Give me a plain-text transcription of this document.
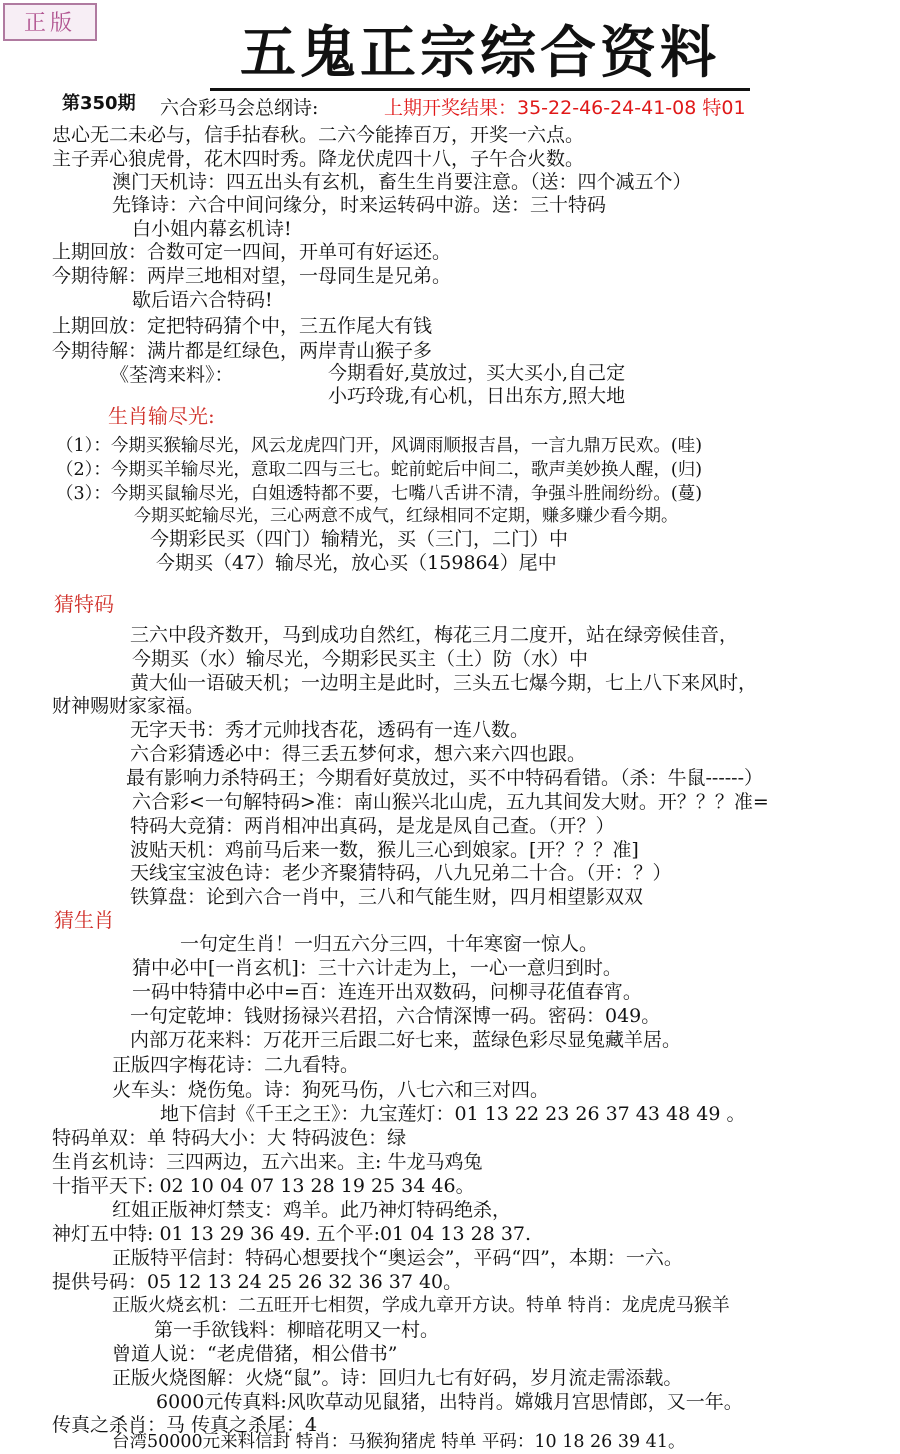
正版	五鬼正宗综合资料
第350期 六合彩马会总纲诗:	上期开奖结果：35-22-46-24-41-08 特01
忠心无二未必与，信手拈春秋。二六今能捧百万，开奖一六点。
主子弄心狼虎骨，花木四时秀。降龙伏虎四十八，子午合火数。
澳门天机诗：四五出头有玄机，畜生生肖要注意。（送：四个减五个）
先锋诗：六合中间问缘分，时来运转码中游。送：三十特码
白小姐内幕玄机诗!
上期回放：合数可定一四间，开单可有好运还。
今期待解：两岸三地相对望，一母同生是兄弟。
歇后语六合特码!
上期回放：定把特码猜个中，三五作尾大有钱
今期待解：满片都是红绿色，两岸青山猴子多
《荃湾来料》：	今期看好,莫放过，买大买小,自己定
小巧玲珑,有心机，日出东方,照大地
生肖输尽光:
（1）：今期买猴输尽光，风云龙虎四门开，风调雨顺报吉昌，一言九鼎万民欢。(哇)
（2）：今期买羊输尽光，意取二四与三七。蛇前蛇后中间二，歌声美妙换人醒，(归)
（3）：今期买鼠输尽光，白姐透特都不要，七嘴八舌讲不清，争强斗胜闹纷纷。(蔓)
今期买蛇输尽光，三心两意不成气，红绿相同不定期，赚多赚少看今期。
今期彩民买（四门）输精光，买（三门，二门）中
今期买（47）输尽光，放心买（159864）尾中
猜特码
三六中段齐数开，马到成功自然红，梅花三月二度开，站在绿旁候佳音，
今期买（水）输尽光，今期彩民买主（土）防（水）中
黄大仙一语破天机；一边明主是此时，三头五七爆今期，七上八下来风时，
财神赐财家家福。
无字天书：秀才元帅找杏花，透码有一连八数。
六合彩猜透必中：得三丢五梦何求，想六来六四也跟。
最有影响力杀特码王；今期看好莫放过，买不中特码看错。（杀：牛鼠------）
六合彩<一句解特码>准：南山猴兴北山虎，五九其间发大财。开？？？准=
特码大竞猜：两肖相冲出真码，是龙是凤自己查。（开？）
波贴天机：鸡前马后来一数，猴儿三心到娘家。[开？？？准]
天线宝宝波色诗：老少齐聚猜特码，八九兄弟二十合。（开：？）
铁算盘：论到六合一肖中，三八和气能生财，四月相望影双双
猜生肖
一句定生肖！一归五六分三四，十年寒窗一惊人。
猜中必中[一肖玄机]：三十六计走为上，一心一意归到时。
一码中特猜中必中=百：连连开出双数码，问柳寻花值春宵。
一句定乾坤：钱财扬禄兴君招，六合情深博一码。密码：049。
内部万花来料：万花开三后跟二好七来，蓝绿色彩尽显兔藏羊居。
正版四字梅花诗：二九看特。
火车头：烧伤兔。诗：狗死马伤，八七六和三对四。
地下信封《千王之王》：九宝莲灯：01 13 22 23 26 37 43 48 49 。
特码单双：单 特码大小：大 特码波色：绿
生肖玄机诗：三四两边，五六出来。主: 牛龙马鸡兔
十指平天下: 02 10 04 07 13 28 19 25 34 46。
红姐正版神灯禁支：鸡羊。此乃神灯特码绝杀，
神灯五中特: 01 13 29 36 49. 五个平:01 04 13 28 37.
正版特平信封：特码心想要找个“奥运会”，平码“四”，本期：一六。
提供号码：05 12 13 24 25 26 32 36 37 40。
正版火烧玄机：二五旺开七相贺，学成九章开方诀。特单 特肖：龙虎虎马猴羊
第一手欲钱料：柳暗花明又一村。
曾道人说：“老虎借猪，相公借书”
正版火烧图解：火烧“鼠”。诗：回归九七有好码，岁月流走需添载。
6000元传真料:风吹草动见鼠猪，出特肖。嫦娥月宫思情郎，又一年。
传真之杀肖：马 传真之杀尾：4
台湾50000元来料信封 特肖：马猴狗猪虎 特单 平码：10 18 26 39 41。
